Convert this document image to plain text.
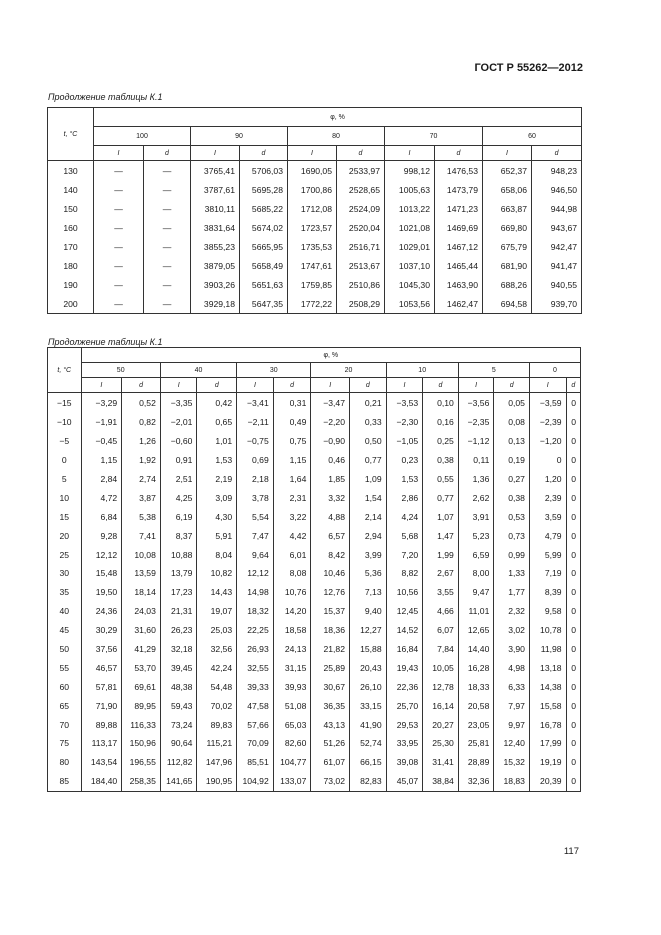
ГОСТ Р 55262—2012
Продолжение таблицы К.1
t, °C	φ, %									
	100		90		80		70		60	
	I	d	I	d	I	d	I	d	I	d
130	—	—	3765,41	5706,03	1690,05	2533,97	998,12	1476,53	652,37	948,23
140	—	—	3787,61	5695,28	1700,86	2528,65	1005,63	1473,79	658,06	946,50
150	—	—	3810,11	5685,22	1712,08	2524,09	1013,22	1471,23	663,87	944,98
160	—	—	3831,64	5674,02	1723,57	2520,04	1021,08	1469,69	669,80	943,67
170	—	—	3855,23	5665,95	1735,53	2516,71	1029,01	1467,12	675,79	942,47
180	—	—	3879,05	5658,49	1747,61	2513,67	1037,10	1465,44	681,90	941,47
190	—	—	3903,26	5651,63	1759,85	2510,86	1045,30	1463,90	688,26	940,55
200	—	—	3929,18	5647,35	1772,22	2508,29	1053,56	1462,47	694,58	939,70
Продолжение таблицы К.1
t, °C	φ, %													
	50		40		30		20		10		5		0	
	I	d	I	d	I	d	I	d	I	d	I	d	I	d
−15	−3,29	0,52	−3,35	0,42	−3,41	0,31	−3,47	0,21	−3,53	0,10	−3,56	0,05	−3,59	0
−10	−1,91	0,82	−2,01	0,65	−2,11	0,49	−2,20	0,33	−2,30	0,16	−2,35	0,08	−2,39	0
−5	−0,45	1,26	−0,60	1,01	−0,75	0,75	−0,90	0,50	−1,05	0,25	−1,12	0,13	−1,20	0
0	1,15	1,92	0,91	1,53	0,69	1,15	0,46	0,77	0,23	0,38	0,11	0,19	0	0
5	2,84	2,74	2,51	2,19	2,18	1,64	1,85	1,09	1,53	0,55	1,36	0,27	1,20	0
10	4,72	3,87	4,25	3,09	3,78	2,31	3,32	1,54	2,86	0,77	2,62	0,38	2,39	0
15	6,84	5,38	6,19	4,30	5,54	3,22	4,88	2,14	4,24	1,07	3,91	0,53	3,59	0
20	9,28	7,41	8,37	5,91	7,47	4,42	6,57	2,94	5,68	1,47	5,23	0,73	4,79	0
25	12,12	10,08	10,88	8,04	9,64	6,01	8,42	3,99	7,20	1,99	6,59	0,99	5,99	0
30	15,48	13,59	13,79	10,82	12,12	8,08	10,46	5,36	8,82	2,67	8,00	1,33	7,19	0
35	19,50	18,14	17,23	14,43	14,98	10,76	12,76	7,13	10,56	3,55	9,47	1,77	8,39	0
40	24,36	24,03	21,31	19,07	18,32	14,20	15,37	9,40	12,45	4,66	11,01	2,32	9,58	0
45	30,29	31,60	26,23	25,03	22,25	18,58	18,36	12,27	14,52	6,07	12,65	3,02	10,78	0
50	37,56	41,29	32,18	32,56	26,93	24,13	21,82	15,88	16,84	7,84	14,40	3,90	11,98	0
55	46,57	53,70	39,45	42,24	32,55	31,15	25,89	20,43	19,43	10,05	16,28	4,98	13,18	0
60	57,81	69,61	48,38	54,48	39,33	39,93	30,67	26,10	22,36	12,78	18,33	6,33	14,38	0
65	71,90	89,95	59,43	70,02	47,58	51,08	36,35	33,15	25,70	16,14	20,58	7,97	15,58	0
70	89,88	116,33	73,24	89,83	57,66	65,03	43,13	41,90	29,53	20,27	23,05	9,97	16,78	0
75	113,17	150,96	90,64	115,21	70,09	82,60	51,26	52,74	33,95	25,30	25,81	12,40	17,99	0
80	143,54	196,55	112,82	147,96	85,51	104,77	61,07	66,15	39,08	31,41	28,89	15,32	19,19	0
85	184,40	258,35	141,65	190,95	104,92	133,07	73,02	82,83	45,07	38,84	32,36	18,83	20,39	0
117
